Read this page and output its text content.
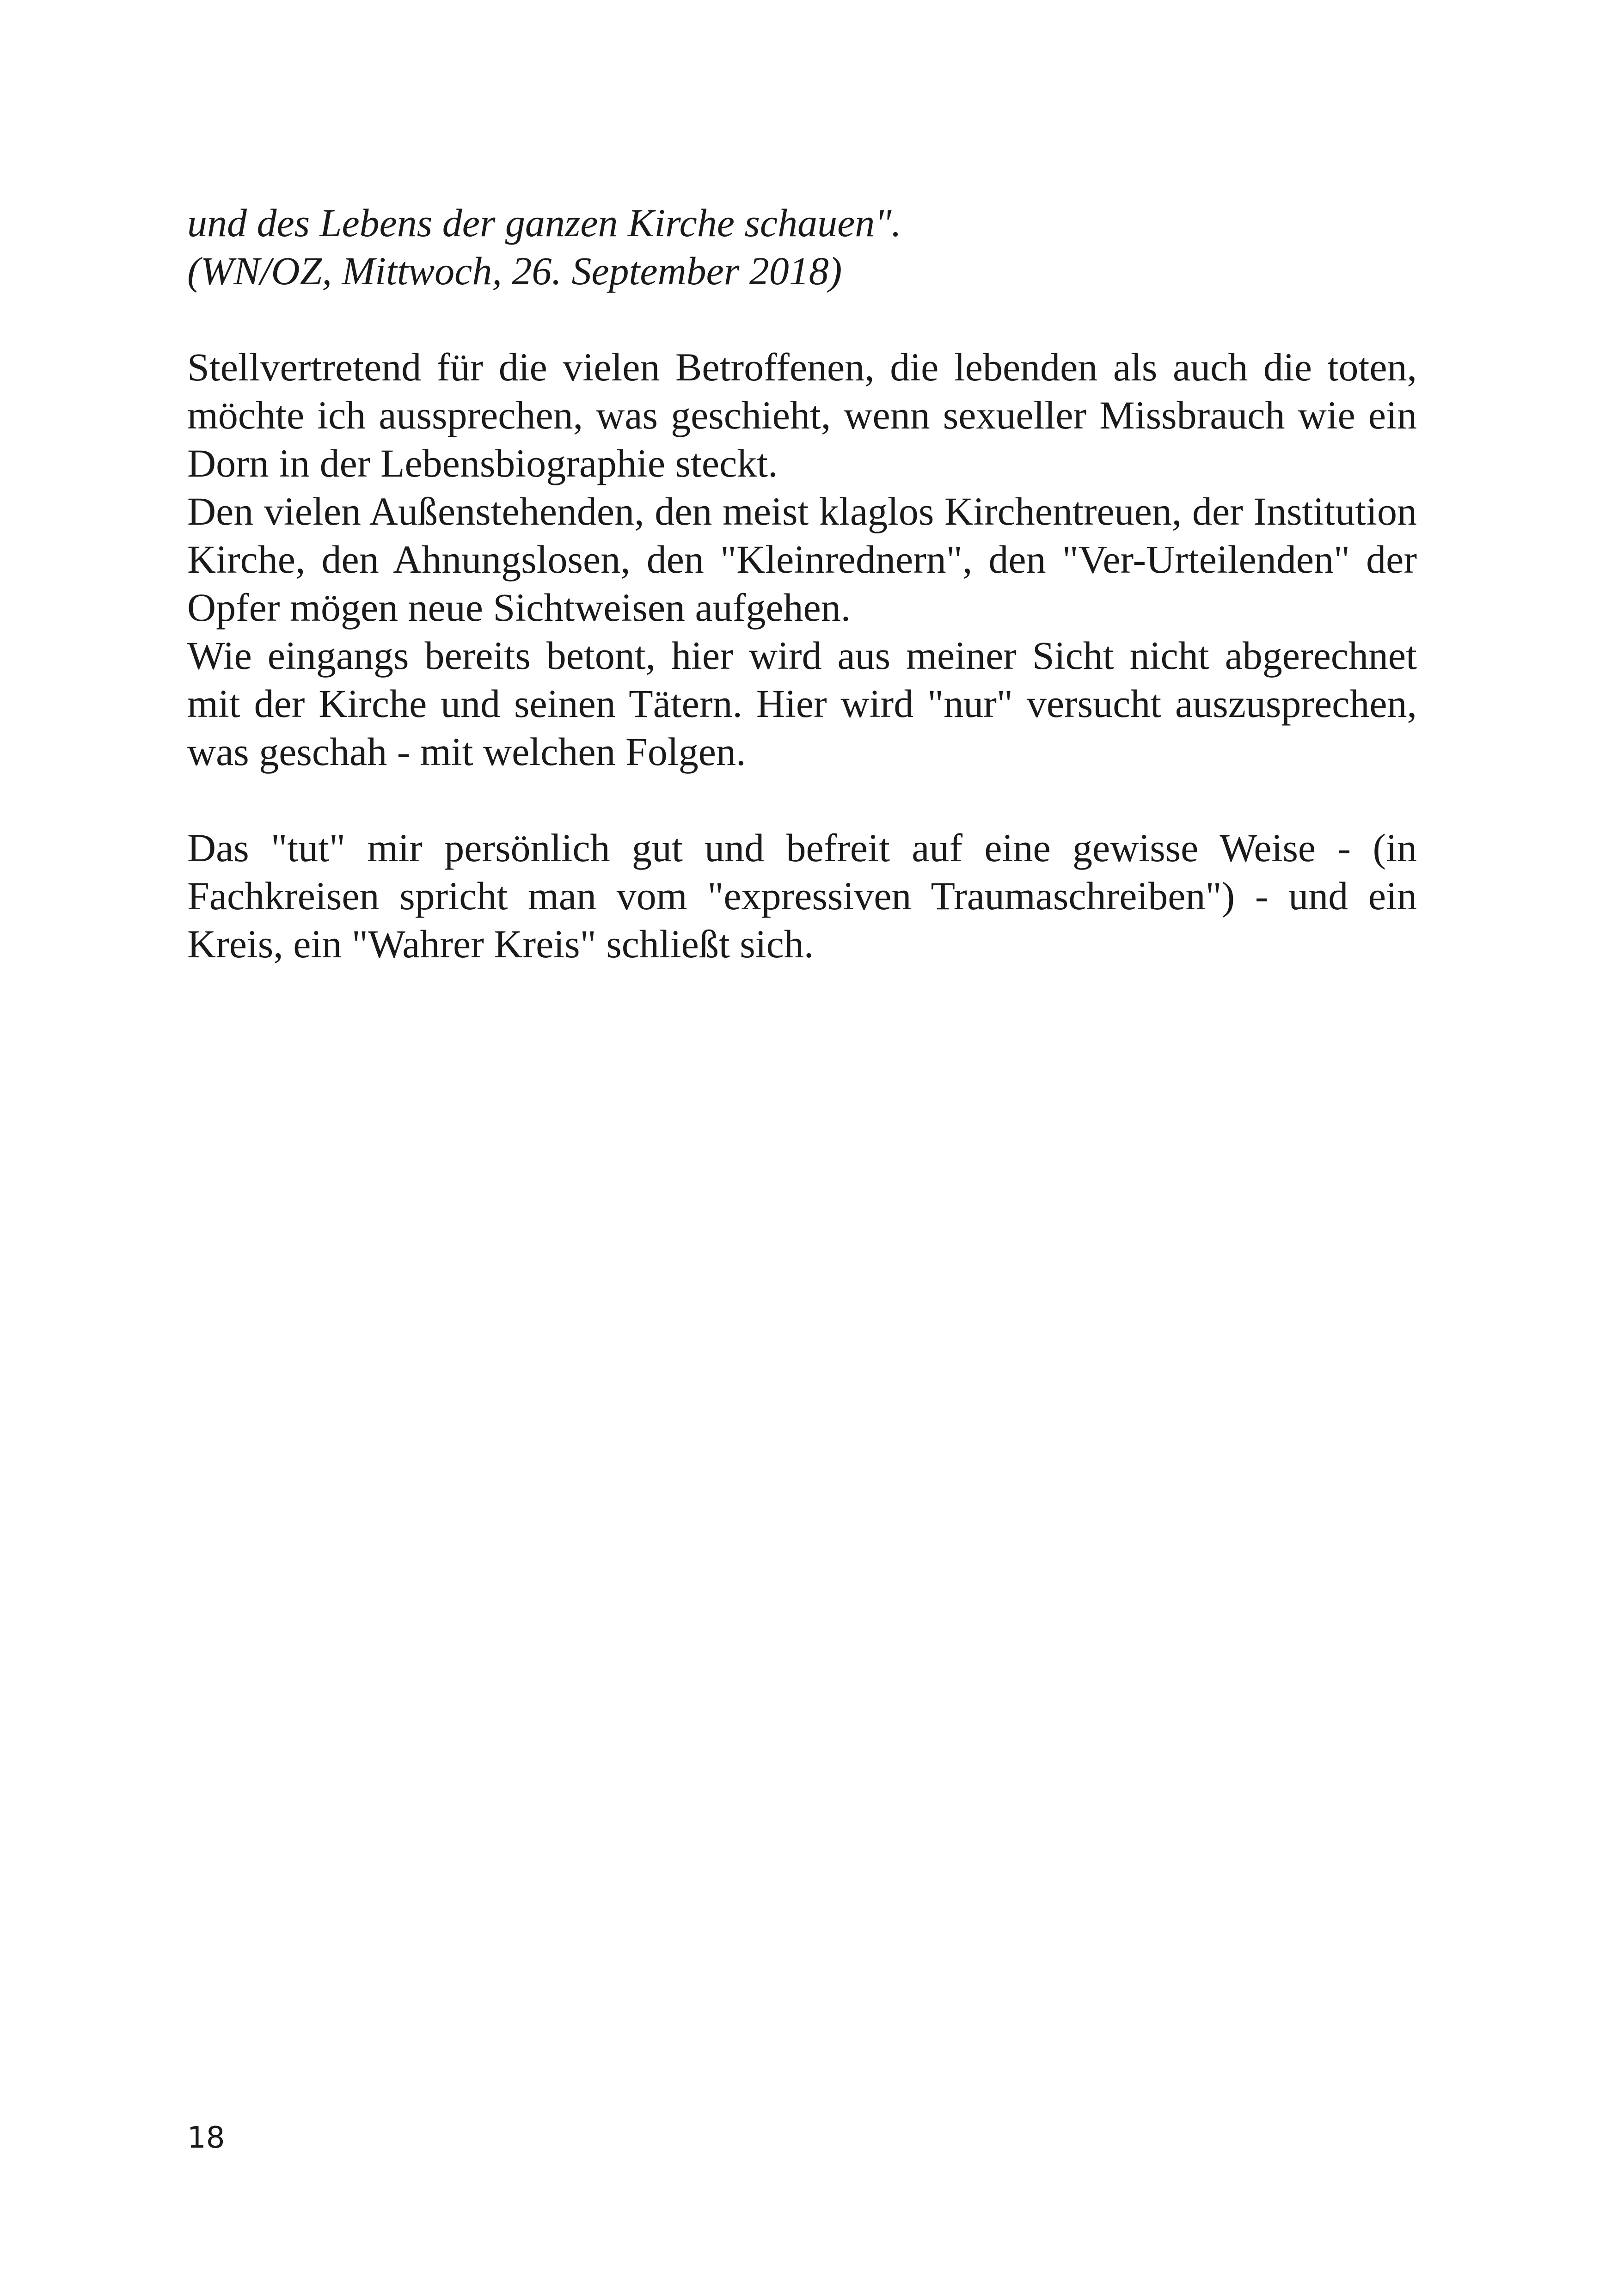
und des Lebens der ganzen Kirche schauen".

(WN/OZ, Mittwoch, 26. September 2018)

Stellvertretend für die vielen Betroffenen, die lebenden als auch die toten, möchte ich aussprechen, was geschieht, wenn sexueller Missbrauch wie ein Dorn in der Lebensbiographie steckt.

Den vielen Außenstehenden, den meist klaglos Kirchentreuen, der Institution Kirche, den Ahnungslosen, den "Kleinrednern", den "Ver-Urteilenden" der Opfer mögen neue Sichtweisen aufgehen.

Wie eingangs bereits betont, hier wird aus meiner Sicht nicht abgerechnet mit der Kirche und seinen Tätern. Hier wird "nur" versucht auszusprechen, was geschah - mit welchen Folgen.

Das "tut" mir persönlich gut und befreit auf eine gewisse Weise - (in Fachkreisen spricht man vom "expressiven Traumaschreiben") - und ein Kreis, ein "Wahrer Kreis" schließt sich.

18
